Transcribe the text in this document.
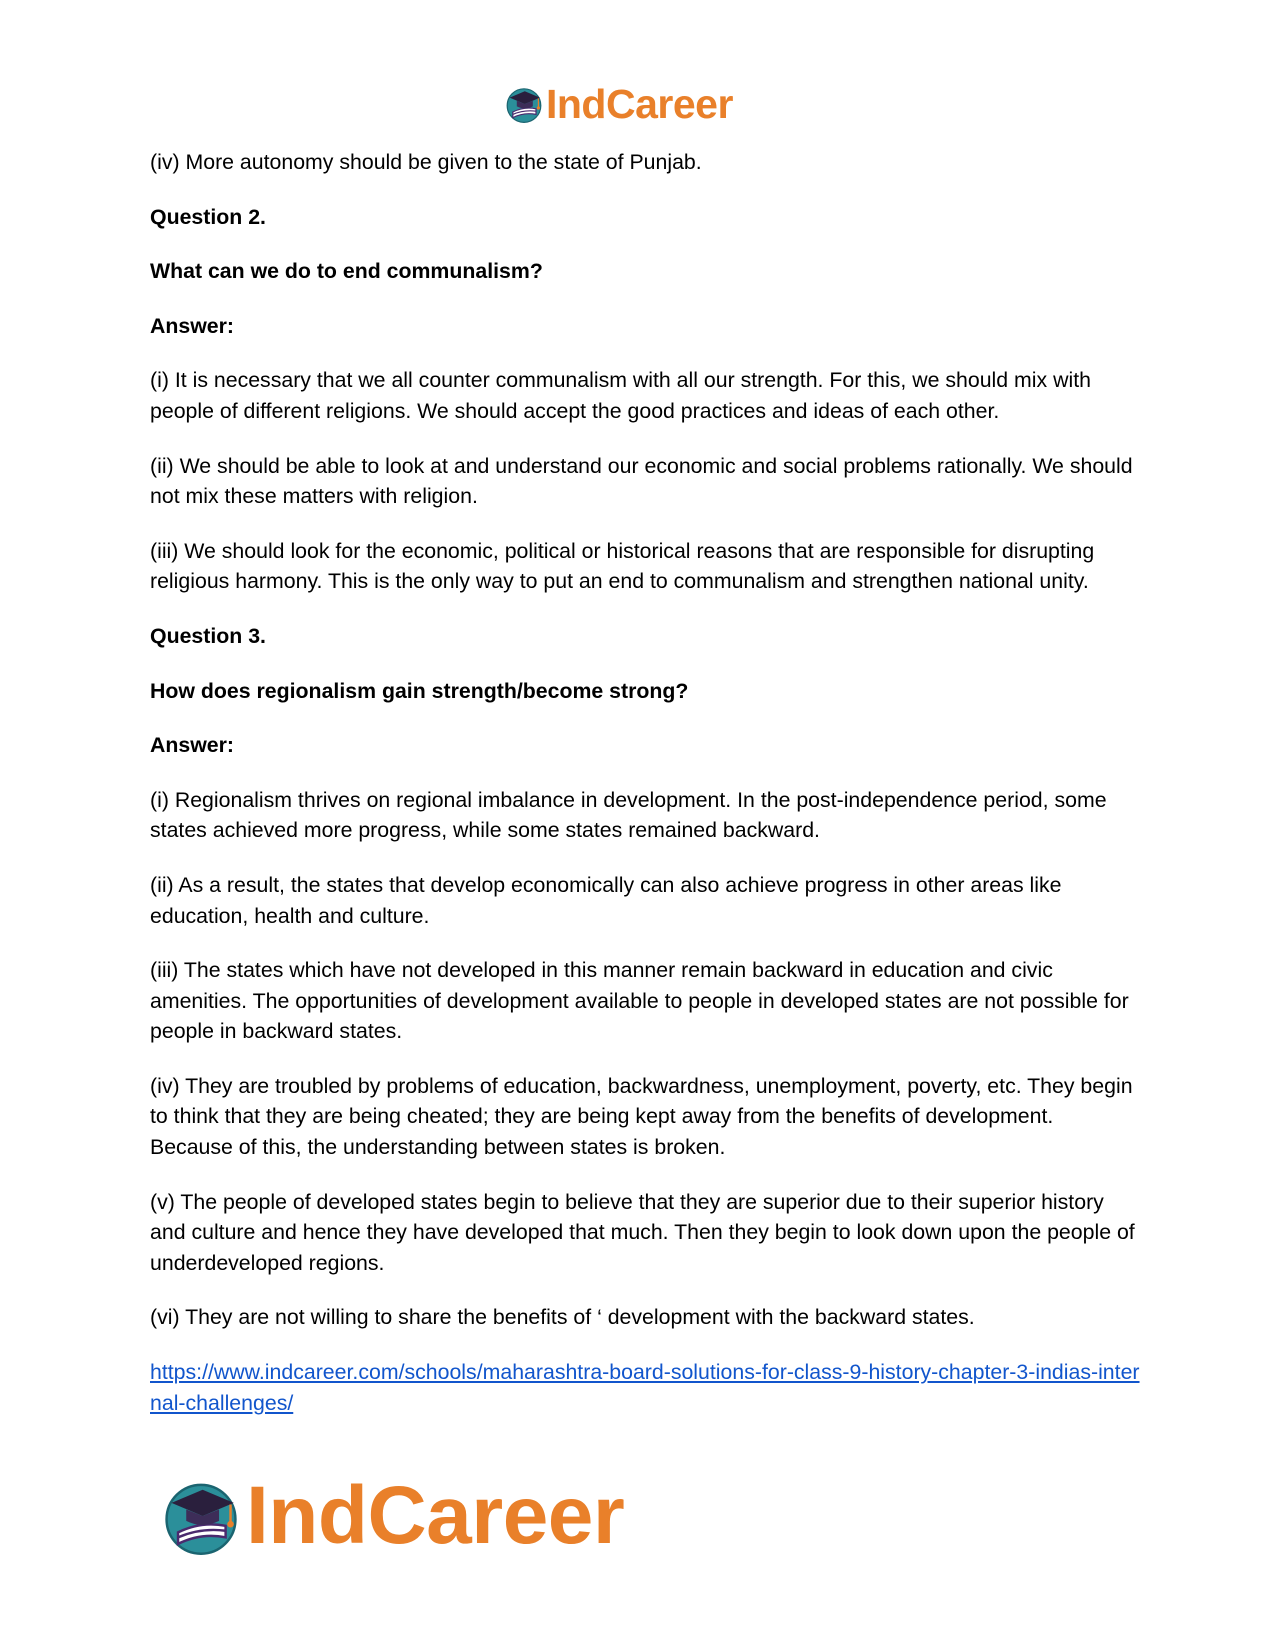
IndCareer

(iv) More autonomy should be given to the state of Punjab.

Question 2.

What can we do to end communalism?

Answer:

(i) It is necessary that we all counter communalism with all our strength. For this, we should mix with people of different religions. We should accept the good practices and ideas of each other.

(ii) We should be able to look at and understand our economic and social problems rationally. We should not mix these matters with religion.

(iii) We should look for the economic, political or historical reasons that are responsible for disrupting religious harmony. This is the only way to put an end to communalism and strengthen national unity.

Question 3.

How does regionalism gain strength/become strong?

Answer:

(i) Regionalism thrives on regional imbalance in development. In the post-independence period, some states achieved more progress, while some states remained backward.

(ii) As a result, the states that develop economically can also achieve progress in other areas like education, health and culture.

(iii) The states which have not developed in this manner remain backward in education and civic amenities. The opportunities of development available to people in developed states are not possible for people in backward states.

(iv) They are troubled by problems of education, backwardness, unemployment, poverty, etc. They begin to think that they are being cheated; they are being kept away from the benefits of development. Because of this, the understanding between states is broken.

(v) The people of developed states begin to believe that they are superior due to their superior history and culture and hence they have developed that much. Then they begin to look down upon the people of underdeveloped regions.

(vi) They are not willing to share the benefits of ‘ development with the backward states.

https://www.indcareer.com/schools/maharashtra-board-solutions-for-class-9-history-chapter-3-indias-internal-challenges/
IndCareer
